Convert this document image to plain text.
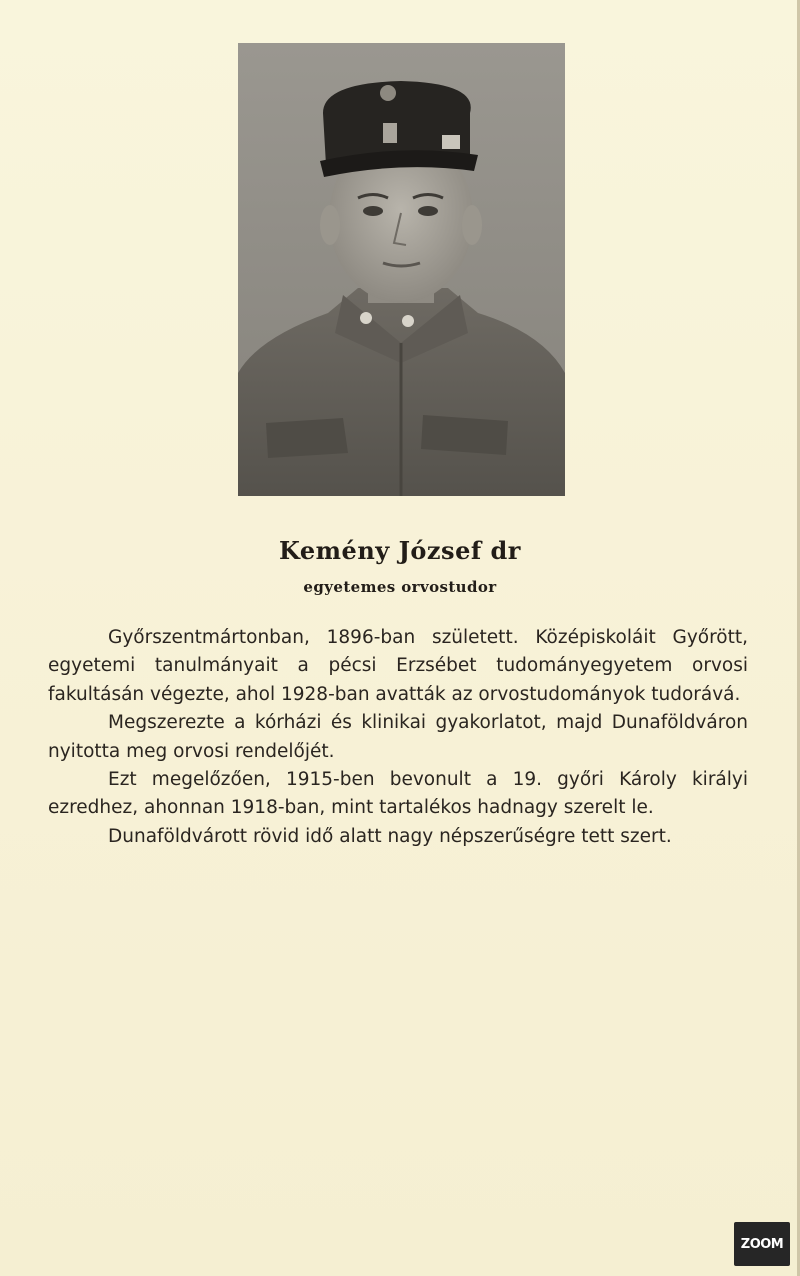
Kemény József dr
egyetemes orvostudor

Győrszentmártonban, 1896-ban született. Középiskoláit Győrött, egyetemi tanulmányait a pécsi Erzsébet tudományegyetem orvosi fakultásán végezte, ahol 1928-ban avatták az orvostudományok tudorává.

Megszerezte a kórházi és klinikai gyakorlatot, majd Dunaföldváron nyitotta meg orvosi rendelőjét.

Ezt megelőzően, 1915-ben bevonult a 19. győri Károly királyi ezredhez, ahonnan 1918-ban, mint tartalékos hadnagy szerelt le.

Dunaföldvárott rövid idő alatt nagy népszerűségre tett szert.

ZOOM
